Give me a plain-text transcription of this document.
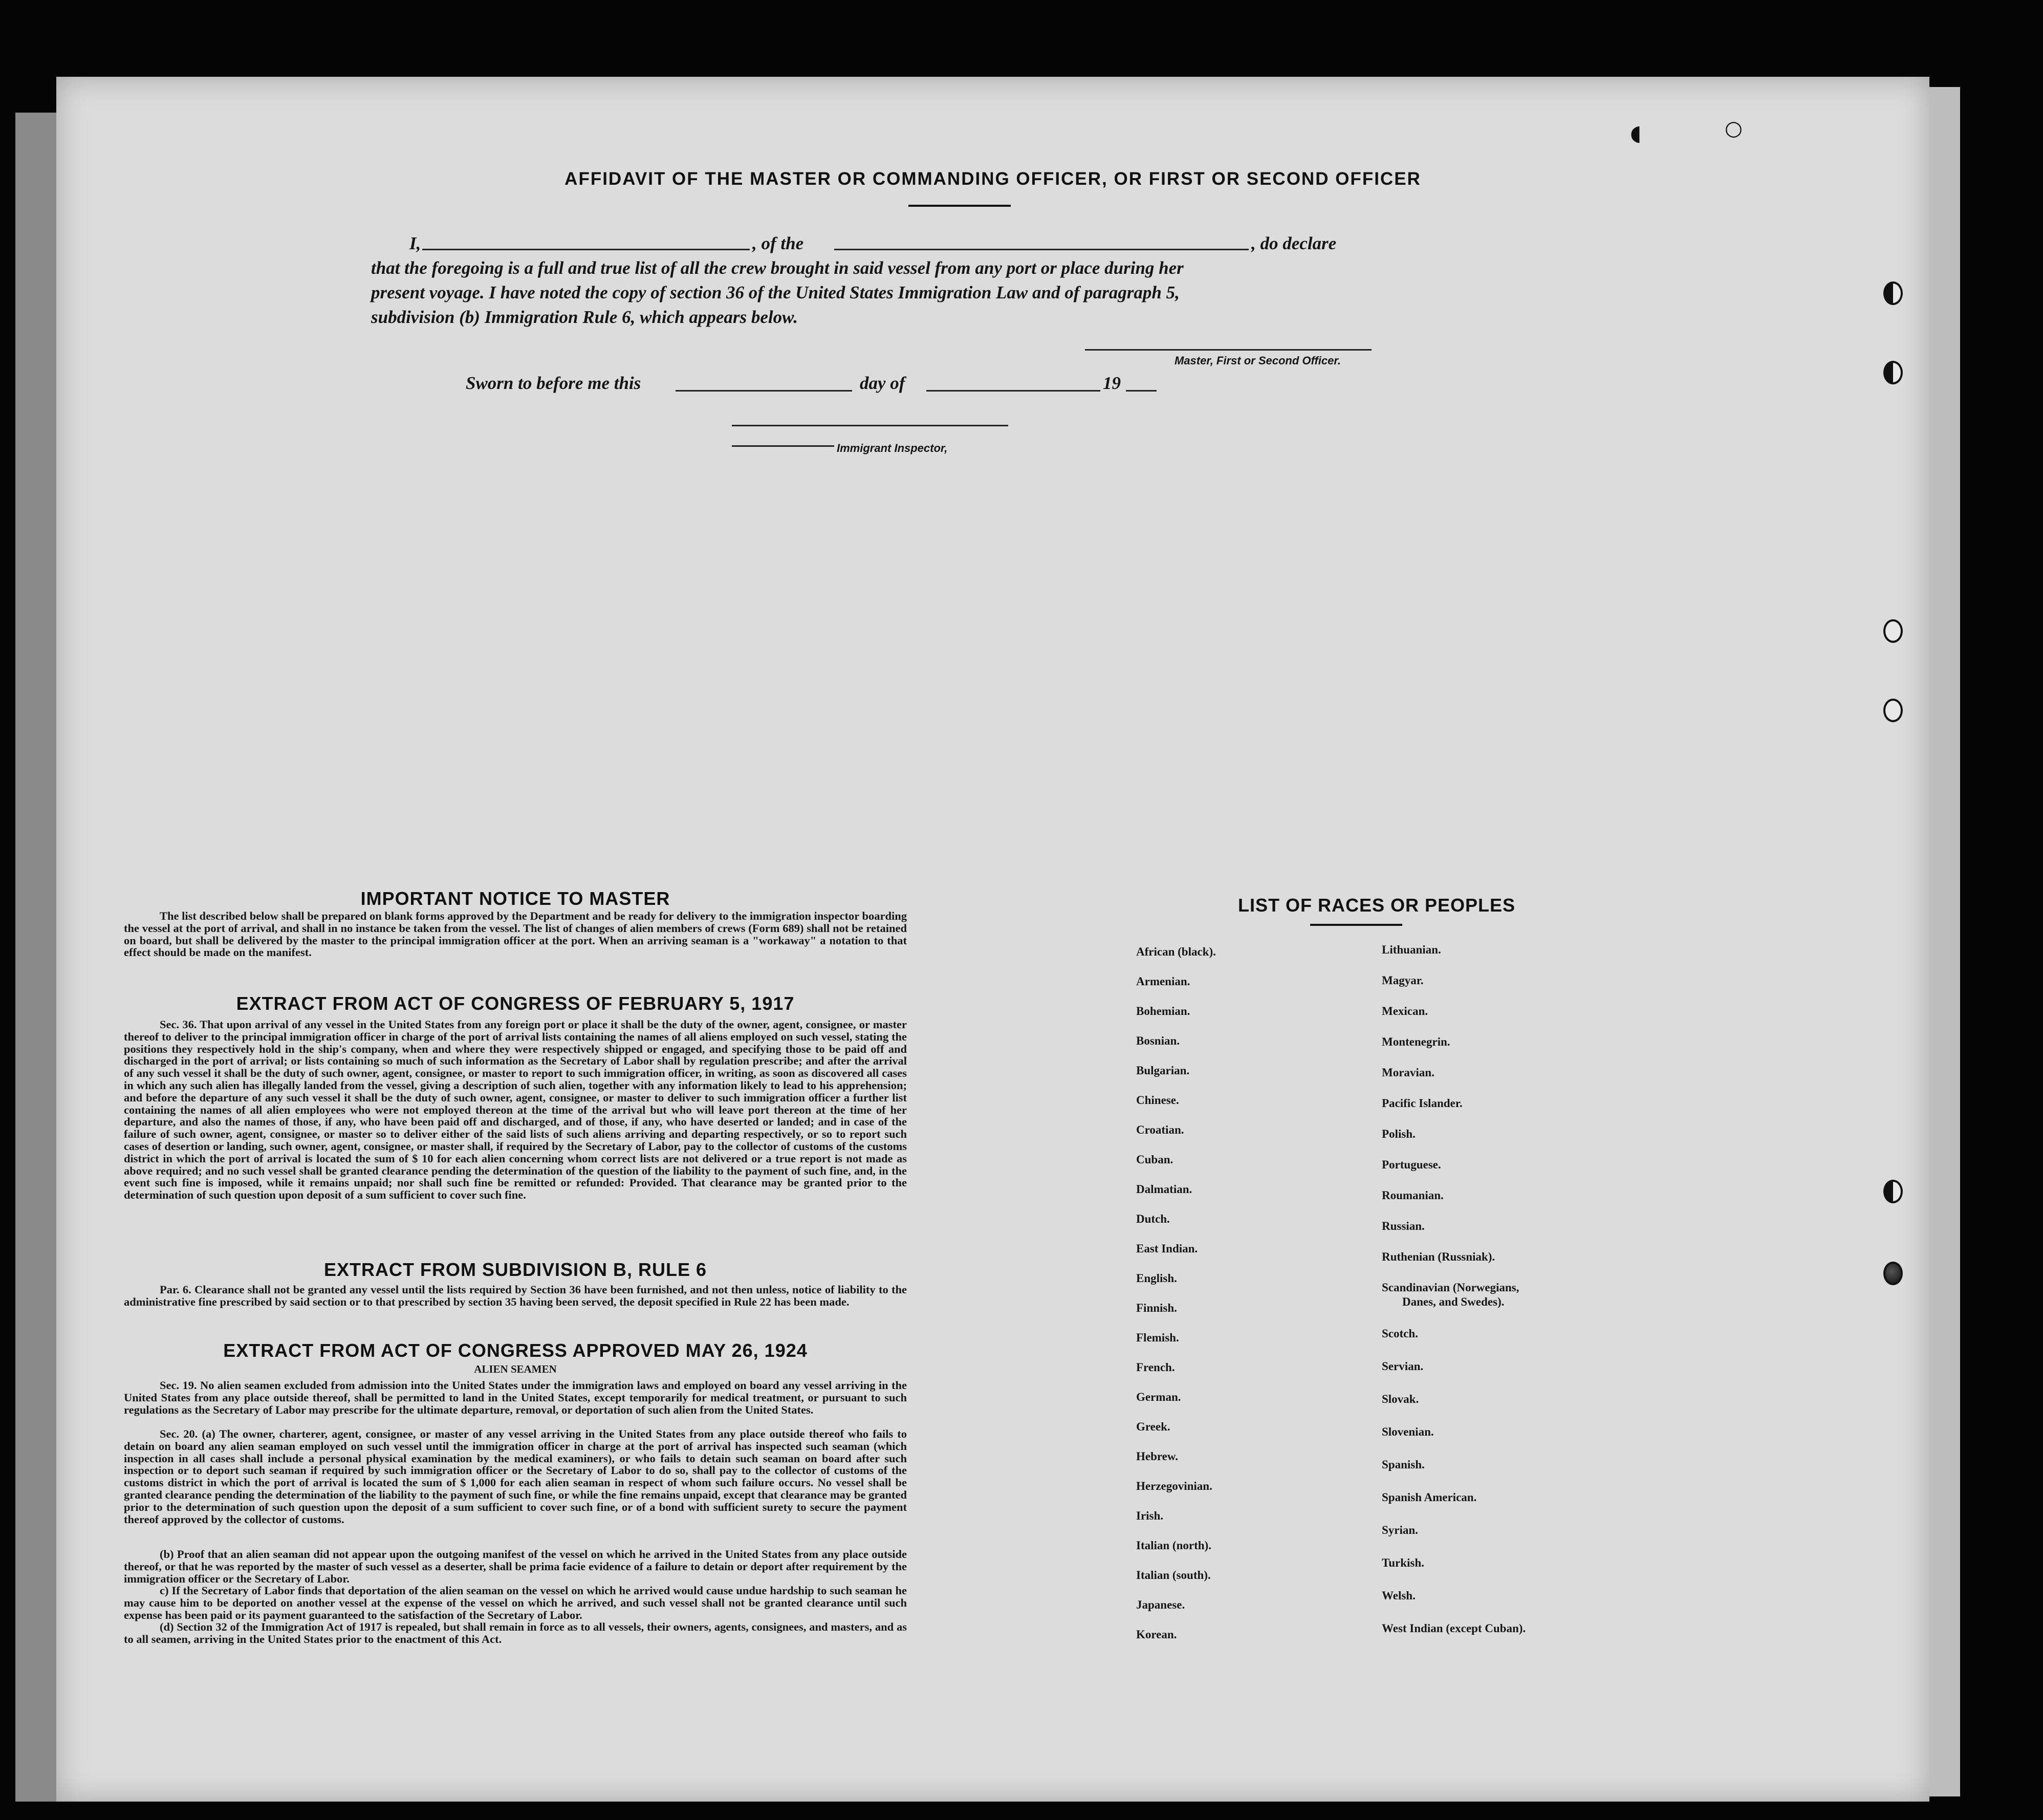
AFFIDAVIT OF THE MASTER OR COMMANDING OFFICER, OR FIRST OR SECOND OFFICER
I,	, of the	, do declare
that the foregoing is a full and true list of all the crew brought in said vessel from any port or place during her
present voyage. I have noted the copy of section 36 of the United States Immigration Law and of paragraph 5,
subdivision (b) Immigration Rule 6, which appears below.
Master, First or Second Officer.
Sworn to before me this	day of	19
Immigrant Inspector,
IMPORTANT NOTICE TO MASTER
The list described below shall be prepared on blank forms approved by the Department and be ready for delivery to the immigration inspector boarding the vessel at the port of arrival, and shall in no instance be taken from the vessel. The list of changes of alien members of crews (Form 689) shall not be retained on board, but shall be delivered by the master to the principal immigration officer at the port. When an arriving seaman is a "workaway" a notation to that effect should be made on the manifest.
EXTRACT FROM ACT OF CONGRESS OF FEBRUARY 5, 1917
Sec. 36. That upon arrival of any vessel in the United States from any foreign port or place it shall be the duty of the owner, agent, consignee, or master thereof to deliver to the principal immigration officer in charge of the port of arrival lists containing the names of all aliens employed on such vessel, stating the positions they respectively hold in the ship's company, when and where they were respectively shipped or engaged, and specifying those to be paid off and discharged in the port of arrival; or lists containing so much of such information as the Secretary of Labor shall by regulation prescribe; and after the arrival of any such vessel it shall be the duty of such owner, agent, consignee, or master to report to such immigration officer, in writing, as soon as discovered all cases in which any such alien has illegally landed from the vessel, giving a description of such alien, together with any information likely to lead to his apprehension; and before the departure of any such vessel it shall be the duty of such owner, agent, consignee, or master to deliver to such immigration officer a further list containing the names of all alien employees who were not employed thereon at the time of the arrival but who will leave port thereon at the time of her departure, and also the names of those, if any, who have been paid off and discharged, and of those, if any, who have deserted or landed; and in case of the failure of such owner, agent, consignee, or master so to deliver either of the said lists of such aliens arriving and departing respectively, or so to report such cases of desertion or landing, such owner, agent, consignee, or master shall, if required by the Secretary of Labor, pay to the collector of customs of the customs district in which the port of arrival is located the sum of $ 10 for each alien concerning whom correct lists are not delivered or a true report is not made as above required; and no such vessel shall be granted clearance pending the determination of the question of the liability to the payment of such fine, and, in the event such fine is imposed, while it remains unpaid; nor shall such fine be remitted or refunded: Provided. That clearance may be granted prior to the determination of such question upon deposit of a sum sufficient to cover such fine.
EXTRACT FROM SUBDIVISION B, RULE 6
Par. 6. Clearance shall not be granted any vessel until the lists required by Section 36 have been furnished, and not then unless, notice of liability to the administrative fine prescribed by said section or to that prescribed by section 35 having been served, the deposit specified in Rule 22 has been made.
EXTRACT FROM ACT OF CONGRESS APPROVED MAY 26, 1924
ALIEN SEAMEN
Sec. 19. No alien seamen excluded from admission into the United States under the immigration laws and employed on board any vessel arriving in the United States from any place outside thereof, shall be permitted to land in the United States, except temporarily for medical treatment, or pursuant to such regulations as the Secretary of Labor may prescribe for the ultimate departure, removal, or deportation of such alien from the United States.
Sec. 20. (a) The owner, charterer, agent, consignee, or master of any vessel arriving in the United States from any place outside thereof who fails to detain on board any alien seaman employed on such vessel until the immigration officer in charge at the port of arrival has inspected such seaman (which inspection in all cases shall include a personal physical examination by the medical examiners), or who fails to detain such seaman on board after such inspection or to deport such seaman if required by such immigration officer or the Secretary of Labor to do so, shall pay to the collector of customs of the customs district in which the port of arrival is located the sum of $ 1,000 for each alien seaman in respect of whom such failure occurs. No vessel shall be granted clearance pending the determination of the liability to the payment of such fine, or while the fine remains unpaid, except that clearance may be granted prior to the determination of such question upon the deposit of a sum sufficient to cover such fine, or of a bond with sufficient surety to secure the payment thereof approved by the collector of customs.
(b) Proof that an alien seaman did not appear upon the outgoing manifest of the vessel on which he arrived in the United States from any place outside thereof, or that he was reported by the master of such vessel as a deserter, shall be prima facie evidence of a failure to detain or deport after requirement by the immigration officer or the Secretary of Labor.
c) If the Secretary of Labor finds that deportation of the alien seaman on the vessel on which he arrived would cause undue hardship to such seaman he may cause him to be deported on another vessel at the expense of the vessel on which he arrived, and such vessel shall not be granted clearance until such expense has been paid or its payment guaranteed to the satisfaction of the Secretary of Labor.
(d) Section 32 of the Immigration Act of 1917 is repealed, but shall remain in force as to all vessels, their owners, agents, consignees, and masters, and as to all seamen, arriving in the United States prior to the enactment of this Act.
LIST OF RACES OR PEOPLES
African (black).
Armenian.
Bohemian.
Bosnian.
Bulgarian.
Chinese.
Croatian.
Cuban.
Dalmatian.
Dutch.
East Indian.
English.
Finnish.
Flemish.
French.
German.
Greek.
Hebrew.
Herzegovinian.
Irish.
Italian (north).
Italian (south).
Japanese.
Korean.
Lithuanian.
Magyar.
Mexican.
Montenegrin.
Moravian.
Pacific Islander.
Polish.
Portuguese.
Roumanian.
Russian.
Ruthenian (Russniak).
Scandinavian (Norwegians,
Danes, and Swedes).
Scotch.
Servian.
Slovak.
Slovenian.
Spanish.
Spanish American.
Syrian.
Turkish.
Welsh.
West Indian (except Cuban).
◖	○
